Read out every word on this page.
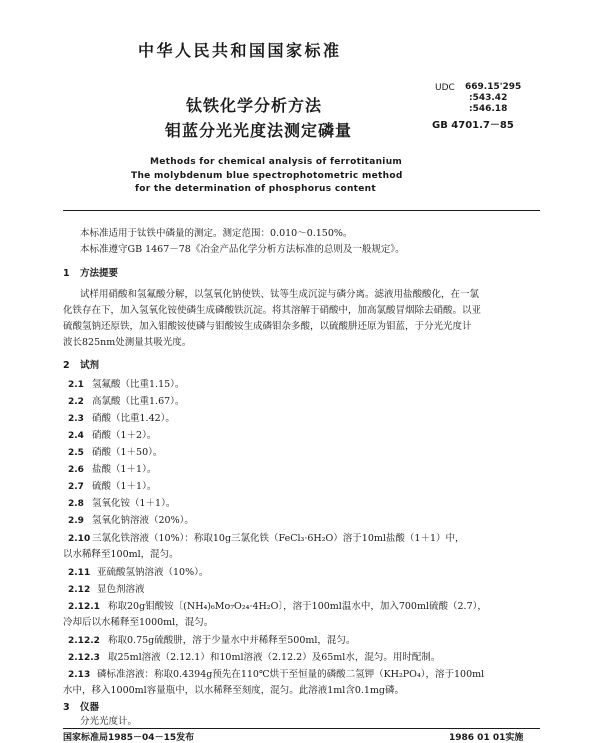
中华人民共和国国家标准
UDC 669.15'295
:543.42
:546.18
GB 4701.7－85
钛铁化学分析方法
钼蓝分光光度法测定磷量
Methods for chemical analysis of ferrotitanium
The molybdenum blue spectrophotometric method
for the determination of phosphorus content
本标准适用于钛铁中磷量的测定。测定范围：0.010～0.150%。
本标准遵守GB 1467－78《冶金产品化学分析方法标准的总则及一般规定》。
1 方法提要
试样用硝酸和氢氟酸分解，以氢氧化钠使铁、钛等生成沉淀与磷分离。滤液用盐酸酸化，在一氯
化铁存在下，加入氢氧化铵使磷生成磷酸铁沉淀。将其溶解于硝酸中，加高氯酸冒烟除去硝酸。以亚
硫酸氢钠还原铁，加入钼酸铵使磷与钼酸铵生成磷钼杂多酸，以硫酸肼还原为钼蓝，于分光光度计
波长825nm处测量其吸光度。
2 试剂
2.1 氢氟酸（比重1.15）。
2.2 高氯酸（比重1.67）。
2.3 硝酸（比重1.42）。
2.4 硝酸（1＋2）。
2.5 硝酸（1＋50）。
2.6 盐酸（1＋1）。
2.7 硫酸（1＋1）。
2.8 氢氧化铵（1＋1）。
2.9 氢氧化钠溶液（20%）。
2.10 三氯化铁溶液（10%）：称取10g三氯化铁（FeCl₃·6H₂O）溶于10ml盐酸（1＋1）中，
以水稀释至100ml，混匀。
2.11 亚硫酸氢钠溶液（10%）。
2.12 显色剂溶液
2.12.1 称取20g钼酸铵〔(NH₄)₆Mo₇O₂₄·4H₂O〕，溶于100ml温水中，加入700ml硫酸（2.7），
冷却后以水稀释至1000ml，混匀。
2.12.2 称取0.75g硫酸肼，溶于少量水中并稀释至500ml，混匀。
2.12.3 取25ml溶液（2.12.1）和10ml溶液（2.12.2）及65ml水，混匀。用时配制。
2.13 磷标准溶液：称取0.4394g预先在110℃烘干至恒量的磷酸二氢钾（KH₂PO₄），溶于100ml
水中，移入1000ml容量瓶中，以水稀释至刻度，混匀。此溶液1ml含0.1mg磷。
3 仪器
分光光度计。
国家标准局1985－04－15发布	1986 01 01实施
